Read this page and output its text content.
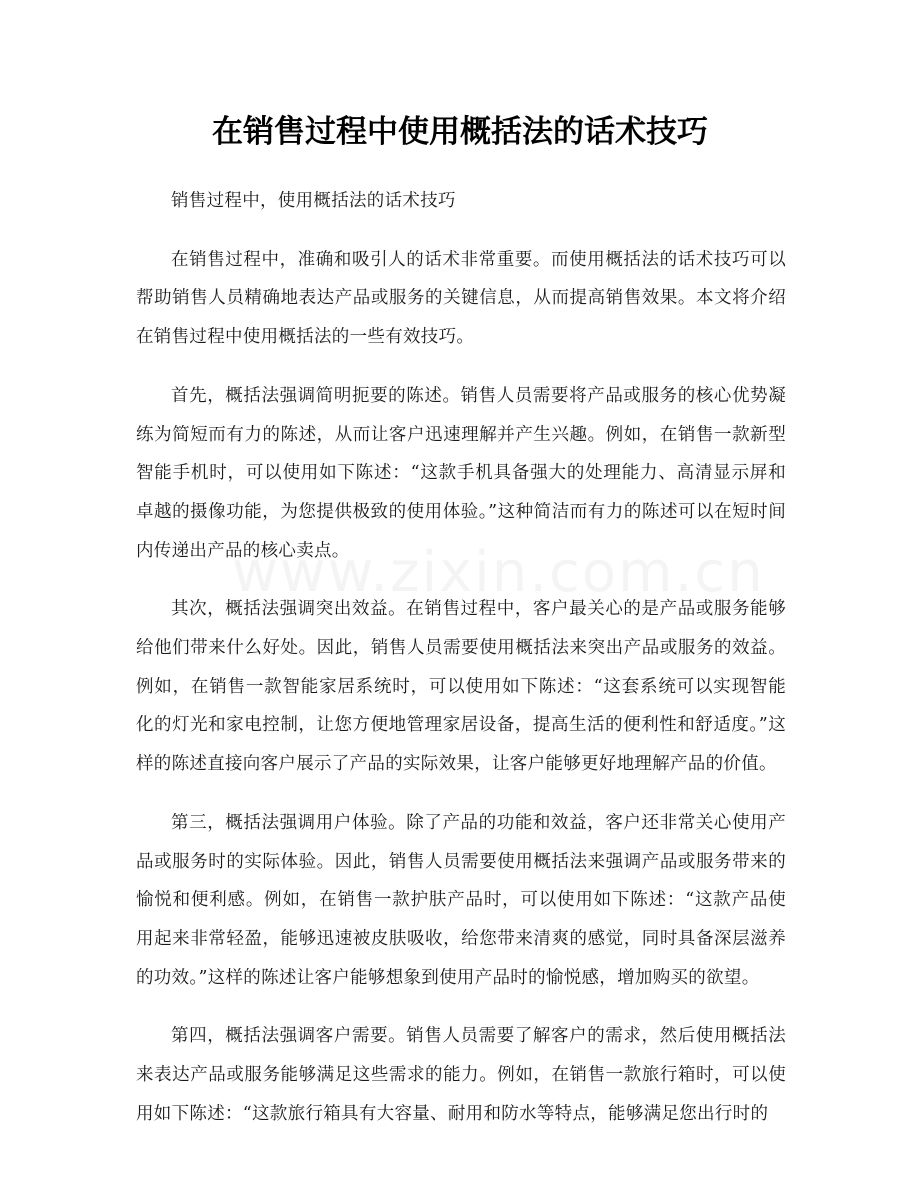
在销售过程中使用概括法的话术技巧

销售过程中，使用概括法的话术技巧

在销售过程中，准确和吸引人的话术非常重要。而使用概括法的话术技巧可以帮助销售人员精确地表达产品或服务的关键信息，从而提高销售效果。本文将介绍在销售过程中使用概括法的一些有效技巧。

首先，概括法强调简明扼要的陈述。销售人员需要将产品或服务的核心优势凝练为简短而有力的陈述，从而让客户迅速理解并产生兴趣。例如，在销售一款新型智能手机时，可以使用如下陈述：“这款手机具备强大的处理能力、高清显示屏和卓越的摄像功能，为您提供极致的使用体验。”这种简洁而有力的陈述可以在短时间内传递出产品的核心卖点。

其次，概括法强调突出效益。在销售过程中，客户最关心的是产品或服务能够给他们带来什么好处。因此，销售人员需要使用概括法来突出产品或服务的效益。例如，在销售一款智能家居系统时，可以使用如下陈述：“这套系统可以实现智能化的灯光和家电控制，让您方便地管理家居设备，提高生活的便利性和舒适度。”这样的陈述直接向客户展示了产品的实际效果，让客户能够更好地理解产品的价值。

第三，概括法强调用户体验。除了产品的功能和效益，客户还非常关心使用产品或服务时的实际体验。因此，销售人员需要使用概括法来强调产品或服务带来的愉悦和便利感。例如，在销售一款护肤产品时，可以使用如下陈述：“这款产品使用起来非常轻盈，能够迅速被皮肤吸收，给您带来清爽的感觉，同时具备深层滋养的功效。”这样的陈述让客户能够想象到使用产品时的愉悦感，增加购买的欲望。

第四，概括法强调客户需要。销售人员需要了解客户的需求，然后使用概括法来表达产品或服务能够满足这些需求的能力。例如，在销售一款旅行箱时，可以使用如下陈述：“这款旅行箱具有大容量、耐用和防水等特点，能够满足您出行时的
